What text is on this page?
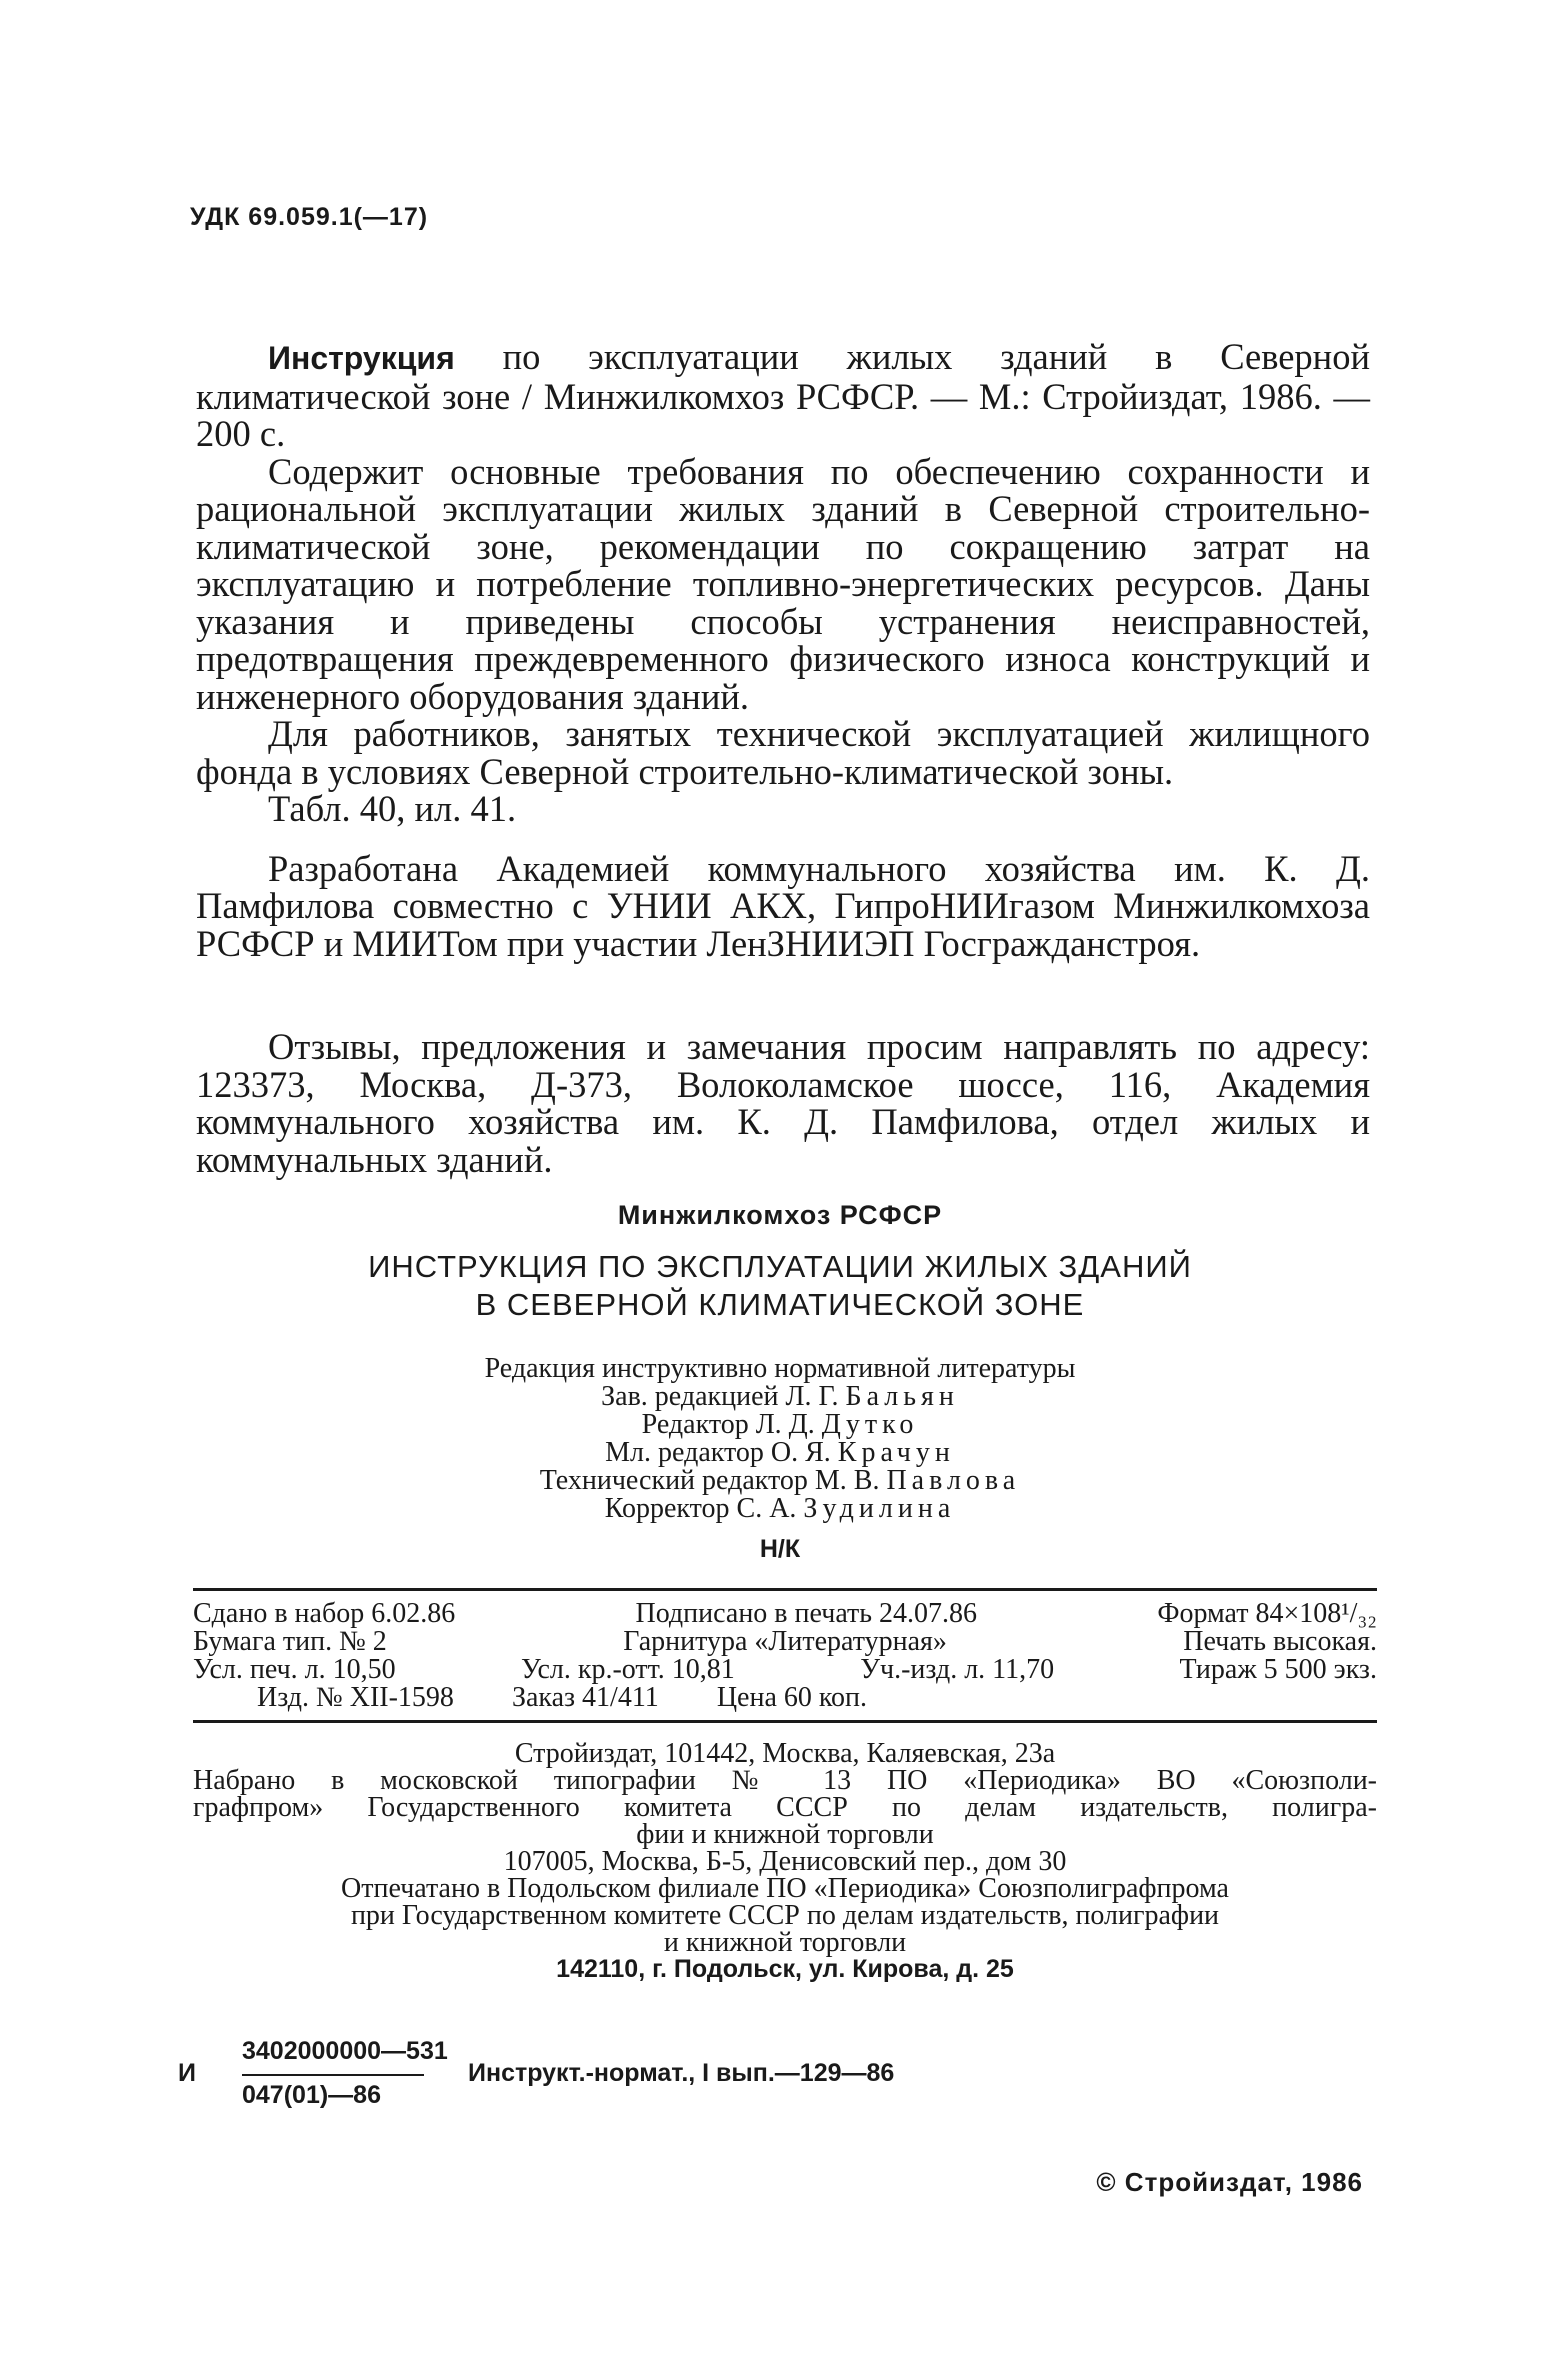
УДК 69.059.1(—17)

Инструкция по эксплуатации жилых зданий в Северной климатической зоне / Минжилкомхоз РСФСР. — М.: Стройиздат, 1986. — 200 с.

Содержит основные требования по обеспечению сохранности и рациональной эксплуатации жилых зданий в Северной строительно-климатической зоне, рекомендации по сокращению затрат на эксплуатацию и потребление топливно-энергетических ресурсов. Даны указания и приведены способы устранения неисправностей, предотвращения преждевременного физического износа конструкций и инженерного оборудования зданий.

Для работников, занятых технической эксплуатацией жилищного фонда в условиях Северной строительно-климатической зоны.

Табл. 40, ил. 41.

Разработана Академией коммунального хозяйства им. К. Д. Памфилова совместно с УНИИ АКХ, ГипроНИИгазом Минжилкомхоза РСФСР и МИИТом при участии ЛенЗНИИЭП Госгражданстроя.

Отзывы, предложения и замечания просим направлять по адресу: 123373, Москва, Д-373, Волоколамское шоссе, 116, Академия коммунального хозяйства им. К. Д. Памфилова, отдел жилых и коммунальных зданий.

Минжилкомхоз РСФСР
ИНСТРУКЦИЯ ПО ЭКСПЛУАТАЦИИ ЖИЛЫХ ЗДАНИЙ
В СЕВЕРНОЙ КЛИМАТИЧЕСКОЙ ЗОНЕ
Редакция инструктивно нормативной литературы
Зав. редакцией Л. Г. Бальян
Редактор Л. Д. Дутко
Мл. редактор О. Я. Крачун
Технический редактор М. В. Павлова
Корректор С. А. Зудилина
Н/К
Сдано в набор 6.02.86	Подписано в печать 24.07.86	Формат 84×108¹/₃₂
Бумага тип. № 2	Гарнитура «Литературная»	Печать высокая.
Усл. печ. л. 10,50	Усл. кр.-отт. 10,81	Уч.-изд. л. 11,70	Тираж 5 500 экз.
Изд. № XII-1598 Заказ 41/411 Цена 60 коп.
Стройиздат, 101442, Москва, Каляевская, 23а
Набрано в московской типографии № 13 ПО «Периодика» ВО «Союзполи-
графпром» Государственного комитета СССР по делам издательств, полигра-
фии и книжной торговли
107005, Москва, Б-5, Денисовский пер., дом 30
Отпечатано в Подольском филиале ПО «Периодика» Союзполиграфпрома
при Государственном комитете СССР по делам издательств, полиграфии
и книжной торговли
142110, г. Подольск, ул. Кирова, д. 25
И
3402000000—531
047(01)—86
Инструкт.-нормат., I вып.—129—86
© Стройиздат, 1986
